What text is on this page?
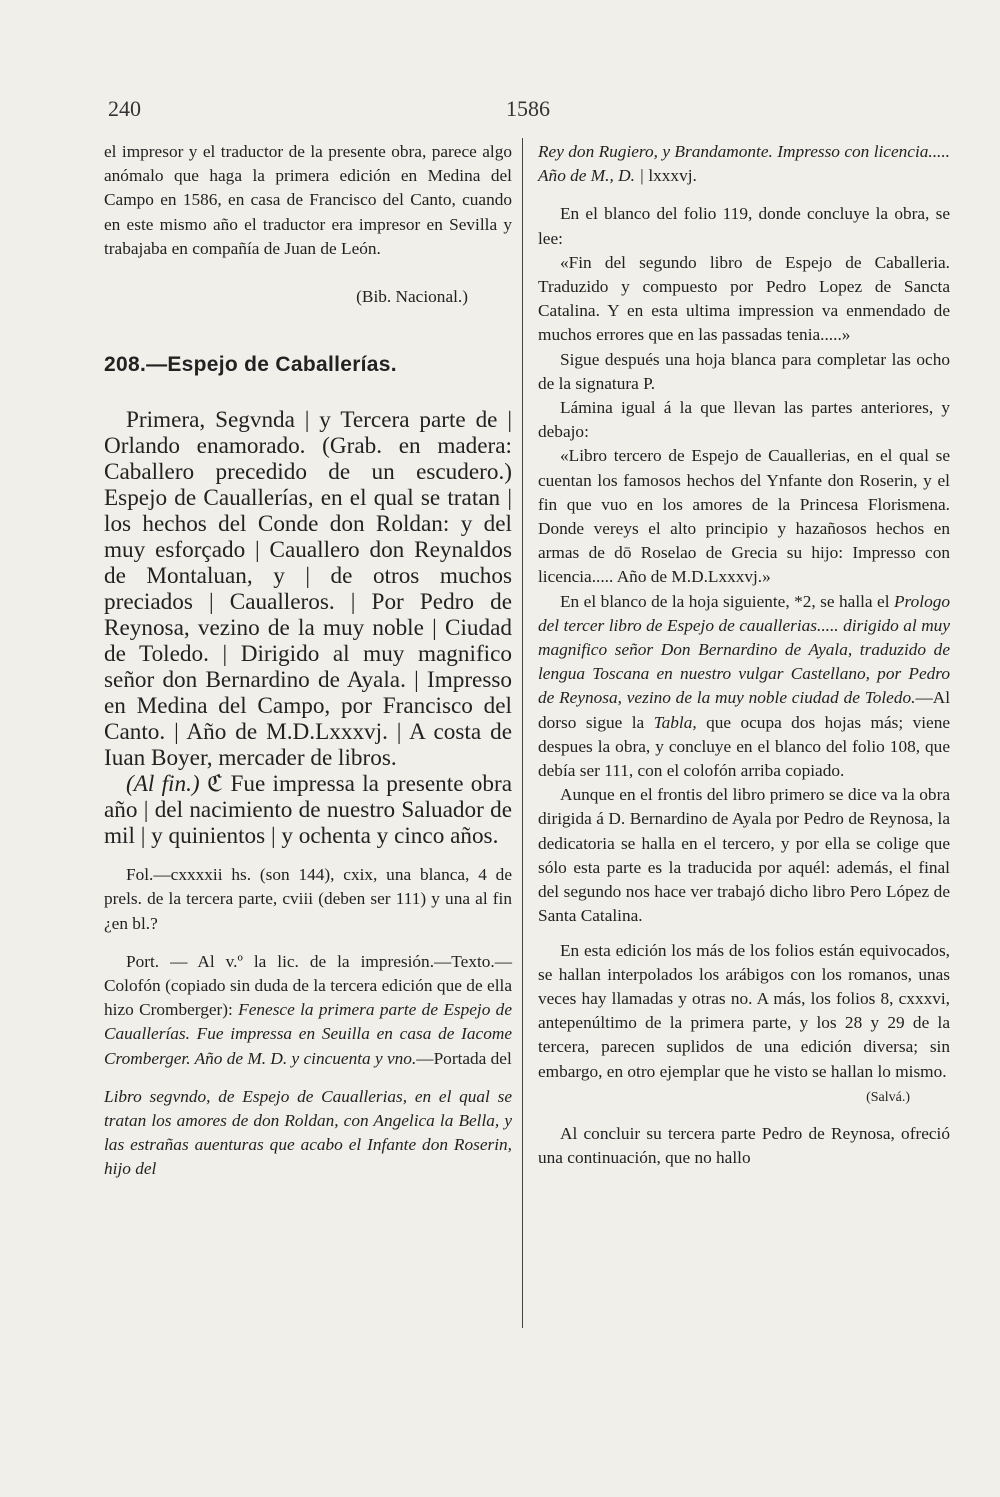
240	1586

el impresor y el traductor de la presente obra, parece algo anómalo que haga la primera edición en Medina del Campo en 1586, en casa de Francisco del Canto, cuando en este mismo año el traductor era impresor en Sevilla y trabajaba en compañía de Juan de León.

(Bib. Nacional.)

208.—Espejo de Caballerías.

Primera, Segvnda | y Tercera parte de | Orlando enamorado. (Grab. en madera: Caballero precedido de un escudero.) Espejo de Cauallerías, en el qual se tratan | los hechos del Conde don Roldan: y del muy esforçado | Cauallero don Reynaldos de Montaluan, y | de otros muchos preciados | Caualleros. | Por Pedro de Reynosa, vezino de la muy noble | Ciudad de Toledo. | Dirigido al muy magnifico señor don Bernardino de Ayala. | Impresso en Medina del Campo, por Francisco del Canto. | Año de M.D.Lxxxvj. | A costa de Iuan Boyer, mercader de libros.

(Al fin.) ℭ Fue impressa la presente obra año | del nacimiento de nuestro Saluador de mil | y quinientos | y ochenta y cinco años.

Fol.—cxxxxii hs. (son 144), cxix, una blanca, 4 de prels. de la tercera parte, cviii (deben ser 111) y una al fin ¿en bl.?

Port. — Al v.º la lic. de la impresión.—Texto.—Colofón (copiado sin duda de la tercera edición que de ella hizo Cromberger): Fenesce la primera parte de Espejo de Cauallerías. Fue impressa en Seuilla en casa de Iacome Cromberger. Año de M. D. y cincuenta y vno.—Portada del

Libro segvndo, de Espejo de Cauallerias, en el qual se tratan los amores de don Roldan, con Angelica la Bella, y las estrañas auenturas que acabo el Infante don Roserin, hijo del

Rey don Rugiero, y Brandamonte. Impresso con licencia..... Año de M., D. | lxxxvj.

En el blanco del folio 119, donde concluye la obra, se lee:

«Fin del segundo libro de Espejo de Caballeria. Traduzido y compuesto por Pedro Lopez de Sancta Catalina. Y en esta ultima impression va enmendado de muchos errores que en las passadas tenia.....»

Sigue después una hoja blanca para completar las ocho de la signatura P.

Lámina igual á la que llevan las partes anteriores, y debajo:

«Libro tercero de Espejo de Cauallerias, en el qual se cuentan los famosos hechos del Ynfante don Roserin, y el fin que vuo en los amores de la Princesa Florismena. Donde vereys el alto principio y hazañosos hechos en armas de dō Roselao de Grecia su hijo: Impresso con licencia..... Año de M.D.Lxxxvj.»

En el blanco de la hoja siguiente, *2, se halla el Prologo del tercer libro de Espejo de cauallerias..... dirigido al muy magnifico señor Don Bernardino de Ayala, traduzido de lengua Toscana en nuestro vulgar Castellano, por Pedro de Reynosa, vezino de la muy noble ciudad de Toledo.—Al dorso sigue la Tabla, que ocupa dos hojas más; viene despues la obra, y concluye en el blanco del folio 108, que debía ser 111, con el colofón arriba copiado.

Aunque en el frontis del libro primero se dice va la obra dirigida á D. Bernardino de Ayala por Pedro de Reynosa, la dedicatoria se halla en el tercero, y por ella se colige que sólo esta parte es la traducida por aquél: además, el final del segundo nos hace ver trabajó dicho libro Pero López de Santa Catalina.

En esta edición los más de los folios están equivocados, se hallan interpolados los arábigos con los romanos, unas veces hay llamadas y otras no. A más, los folios 8, cxxxvi, antepenúltimo de la primera parte, y los 28 y 29 de la tercera, parecen suplidos de una edición diversa; sin embargo, en otro ejemplar que he visto se hallan lo mismo.

(Salvá.)

Al concluir su tercera parte Pedro de Reynosa, ofreció una continuación, que no hallo
